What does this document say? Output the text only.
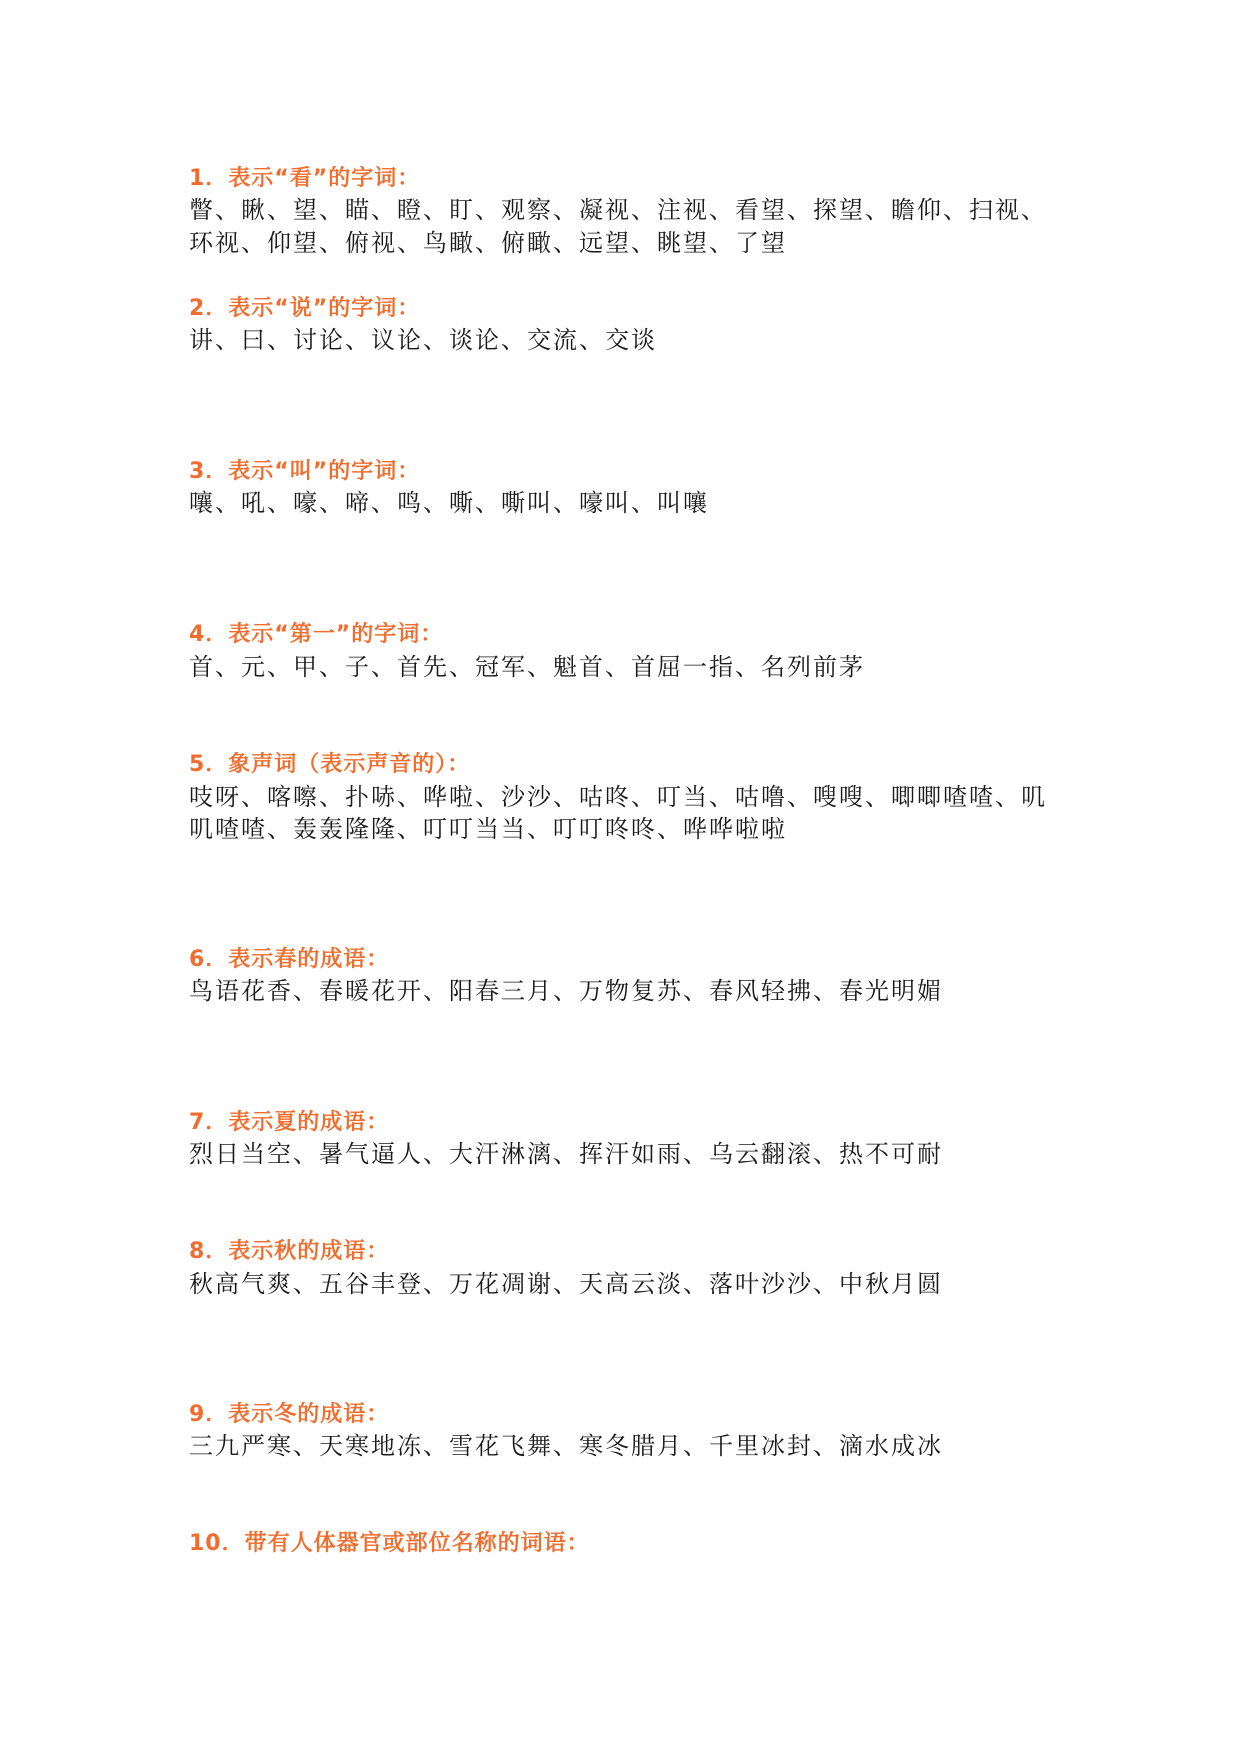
1．表示“看”的字词：
瞥、瞅、望、瞄、瞪、盯、观察、凝视、注视、看望、探望、瞻仰、扫视、
环视、仰望、俯视、鸟瞰、俯瞰、远望、眺望、了望
2．表示“说”的字词：
讲、曰、讨论、议论、谈论、交流、交谈
3．表示“叫”的字词：
嚷、吼、嚎、啼、鸣、嘶、嘶叫、嚎叫、叫嚷
4．表示“第一”的字词：
首、元、甲、子、首先、冠军、魁首、首屈一指、名列前茅
5．象声词（表示声音的）：
吱呀、喀嚓、扑哧、哗啦、沙沙、咕咚、叮当、咕噜、嗖嗖、唧唧喳喳、叽
叽喳喳、轰轰隆隆、叮叮当当、叮叮咚咚、哗哗啦啦
6．表示春的成语：
鸟语花香、春暖花开、阳春三月、万物复苏、春风轻拂、春光明媚
7．表示夏的成语：
烈日当空、暑气逼人、大汗淋漓、挥汗如雨、乌云翻滚、热不可耐
8．表示秋的成语：
秋高气爽、五谷丰登、万花凋谢、天高云淡、落叶沙沙、中秋月圆
9．表示冬的成语：
三九严寒、天寒地冻、雪花飞舞、寒冬腊月、千里冰封、滴水成冰
10．带有人体器官或部位名称的词语：
